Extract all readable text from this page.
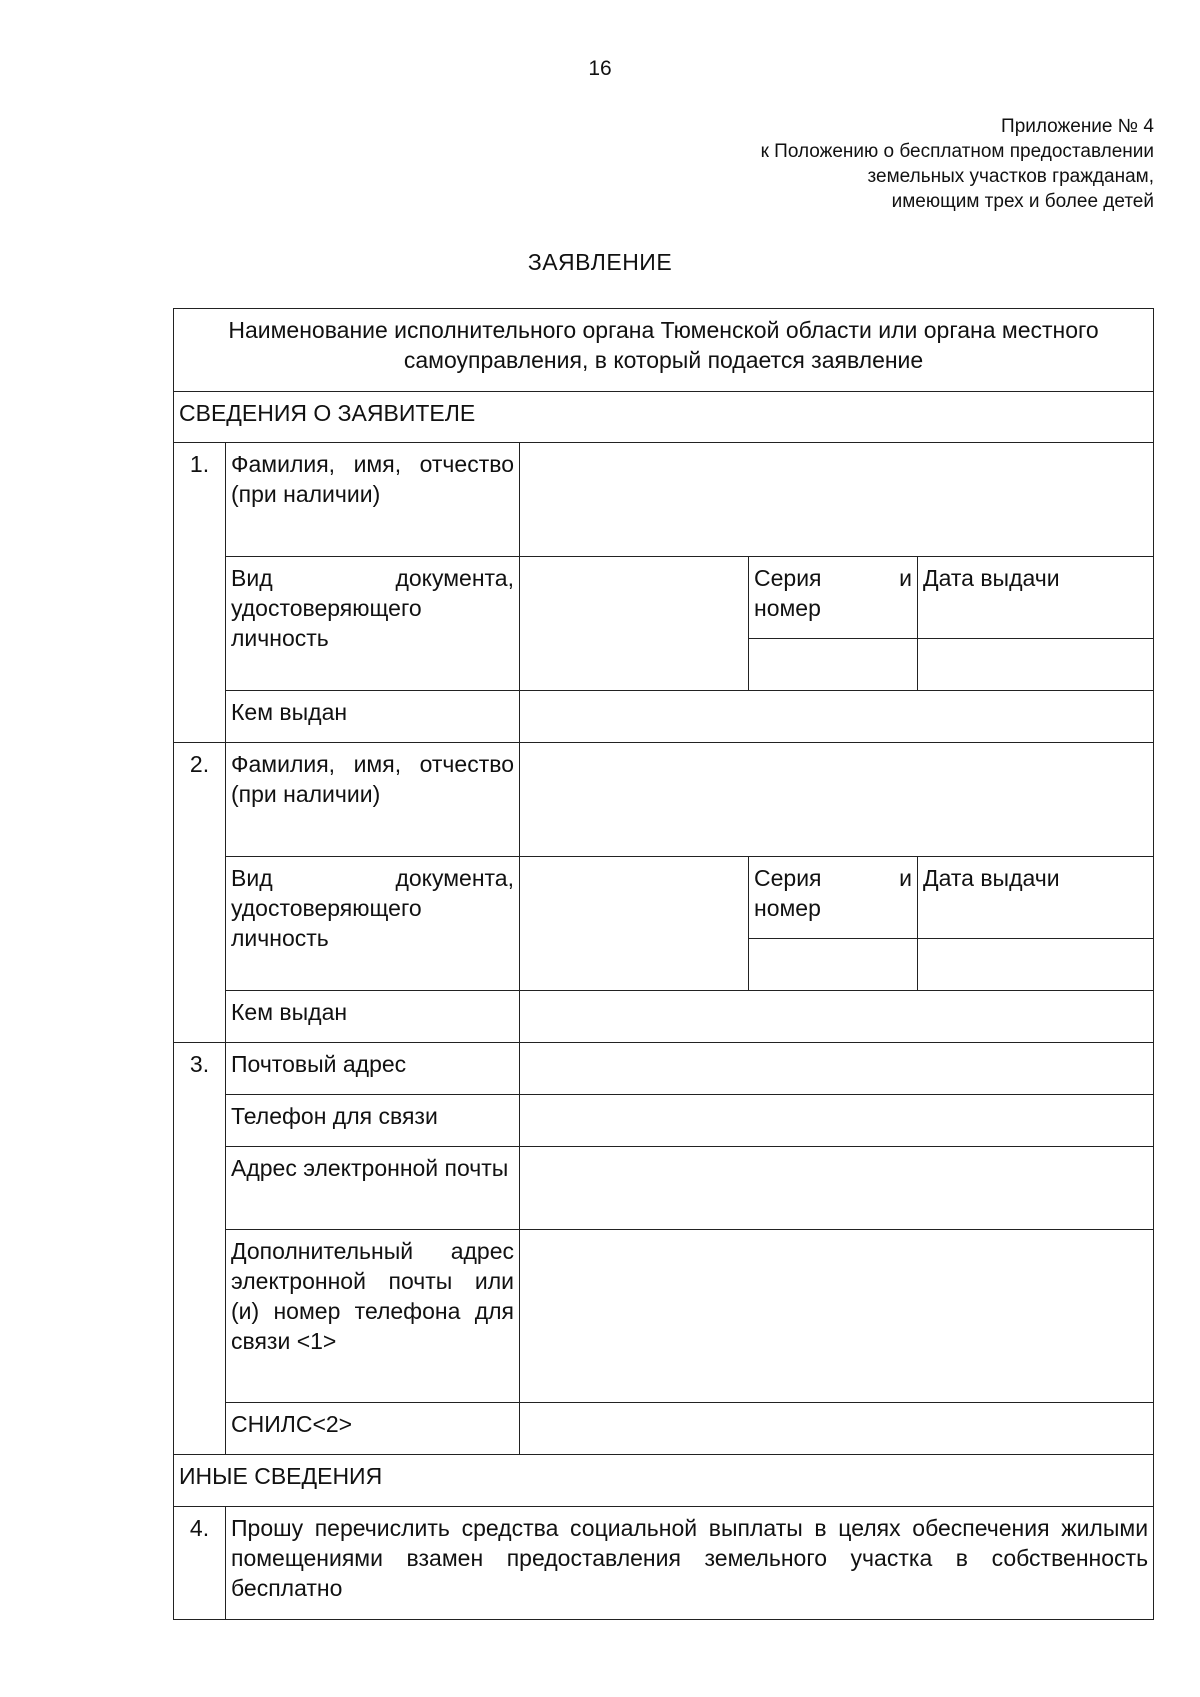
16
Приложение № 4
к Положению о бесплатном предоставлении
земельных участков гражданам,
имеющим трех и более детей
ЗАЯВЛЕНИЕ
Наименование исполнительного органа Тюменской области или органа местного самоуправления, в который подается заявление				
СВЕДЕНИЯ О ЗАЯВИТЕЛЕ				
1.	Фамилия, имя, отчество (при наличии)			
	Вид документа, удостоверяющего личность		Серия и номер	Дата выдачи

	Кем выдан			
2.	Фамилия, имя, отчество (при наличии)			
	Вид документа, удостоверяющего личность		Серия и номер	Дата выдачи

	Кем выдан			
3.	Почтовый адрес			
	Телефон для связи			
	Адрес электронной почты			
	Дополнительный адрес электронной почты или (и) номер телефона для связи <1>			
	СНИЛС<2>			
ИНЫЕ СВЕДЕНИЯ				
4.	Прошу перечислить средства социальной выплаты в целях обеспечения жилыми помещениями взамен предоставления земельного участка в собственность бесплатно			
